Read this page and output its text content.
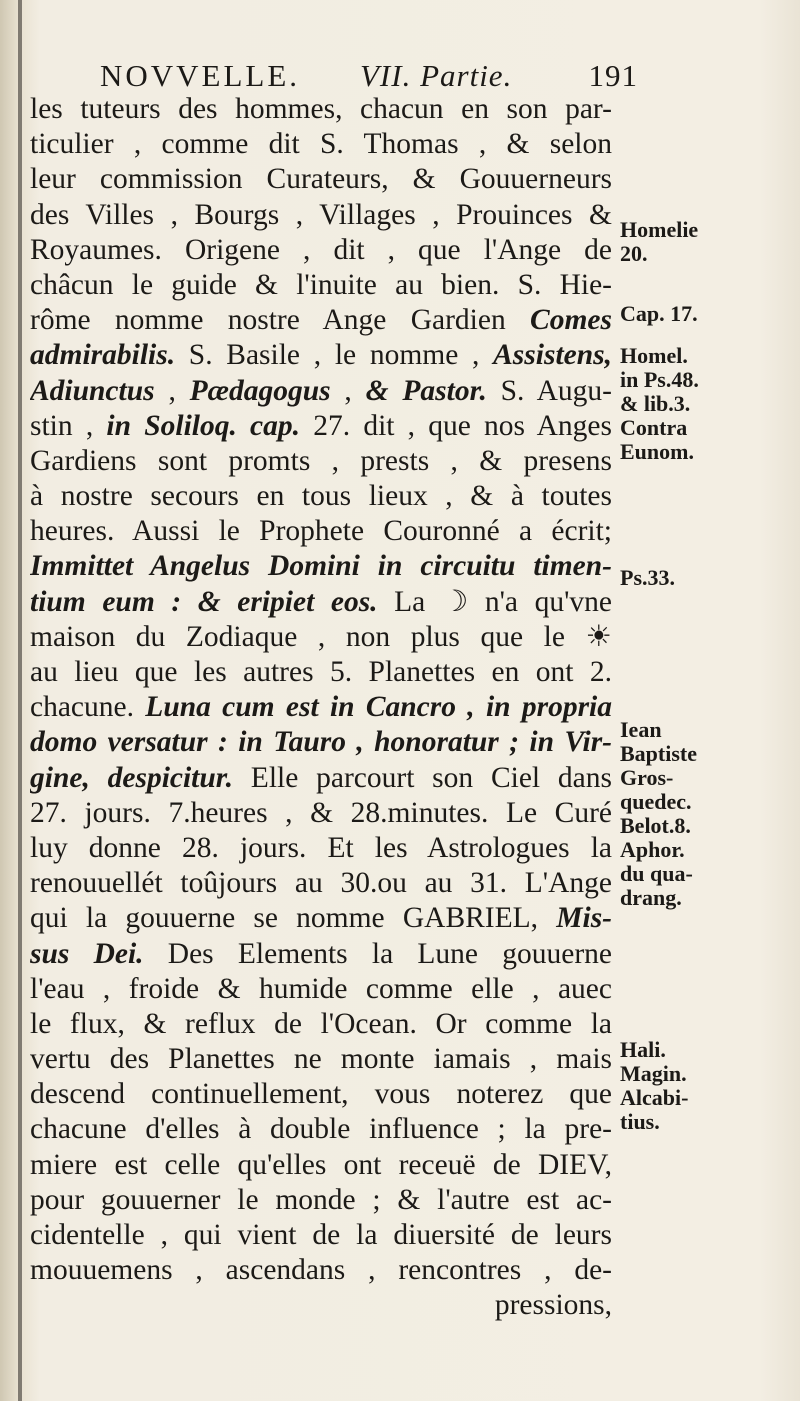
NOVVELLE. VII. Partie. 191
les tuteurs des hommes, chacun en son par-
ticulier , comme dit S. Thomas , & selon
leur commission Curateurs, & Gouuerneurs
des Villes , Bourgs , Villages , Prouinces &
Royaumes. Origene , dit , que l'Ange de
châcun le guide & l'inuite au bien. S. Hie-
rôme nomme nostre Ange Gardien Comes
admirabilis. S. Basile , le nomme , Assistens,
Adiunctus , Pædagogus , & Pastor. S. Augu-
stin , in Soliloq. cap. 27. dit , que nos Anges
Gardiens sont promts , prests , & presens
à nostre secours en tous lieux , & à toutes
heures. Aussi le Prophete Couronné a écrit;
Immittet Angelus Domini in circuitu timen-
tium eum : & eripiet eos. La ☽ n'a qu'vne
maison du Zodiaque , non plus que le ☀
au lieu que les autres 5. Planettes en ont 2.
chacune. Luna cum est in Cancro , in propria
domo versatur : in Tauro , honoratur ; in Vir-
gine, despicitur. Elle parcourt son Ciel dans
27. jours. 7.heures , & 28.minutes. Le Curé
luy donne 28. jours. Et les Astrologues la
renouuellét toûjours au 30.ou au 31. L'Ange
qui la gouuerne se nomme GABRIEL, Mis-
sus Dei. Des Elements la Lune gouuerne
l'eau , froide & humide comme elle , auec
le flux, & reflux de l'Ocean. Or comme la
vertu des Planettes ne monte iamais , mais
descend continuellement, vous noterez que
chacune d'elles à double influence ; la pre-
miere est celle qu'elles ont receuë de DIEV,
pour gouuerner le monde ; & l'autre est ac-
cidentelle , qui vient de la diuersité de leurs
mouuemens , ascendans , rencontres , de-
pressions,
Homelie
20.
Cap. 17.
Homel.
in Ps.48.
& lib.3.
Contra
Eunom.
Ps.33.
Iean
Baptiste
Gros-
quedec.
Belot.8.
Aphor.
du qua-
drang.
Hali.
Magin.
Alcabi-
tius.
